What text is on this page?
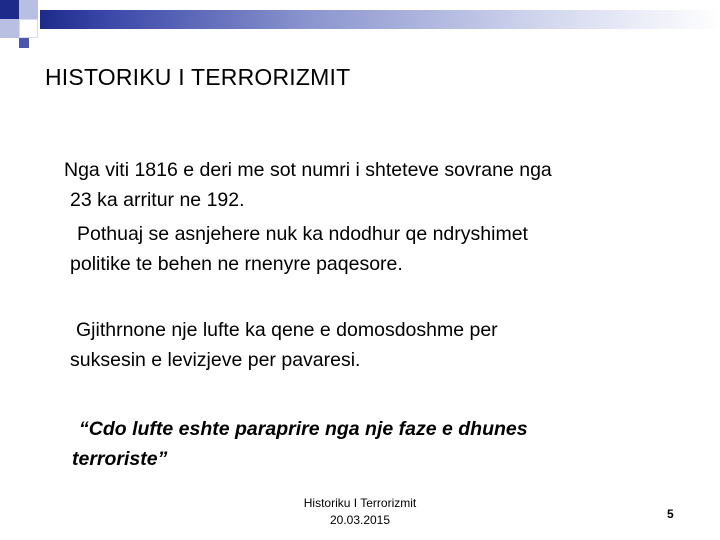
HISTORIKU I TERRORIZMIT
Nga viti 1816 e deri me sot numri i shteteve sovrane nga
23 ka arritur ne 192.
Pothuaj se asnjehere nuk ka ndodhur qe ndryshimet
politike te behen ne rnenyre paqesore.
Gjithrnone nje lufte ka qene e domosdoshme per
suksesin e levizjeve per pavaresi.
“Cdo lufte eshte paraprire nga nje faze e dhunes
terroriste”
Historiku I Terrorizmit
20.03.2015	5
